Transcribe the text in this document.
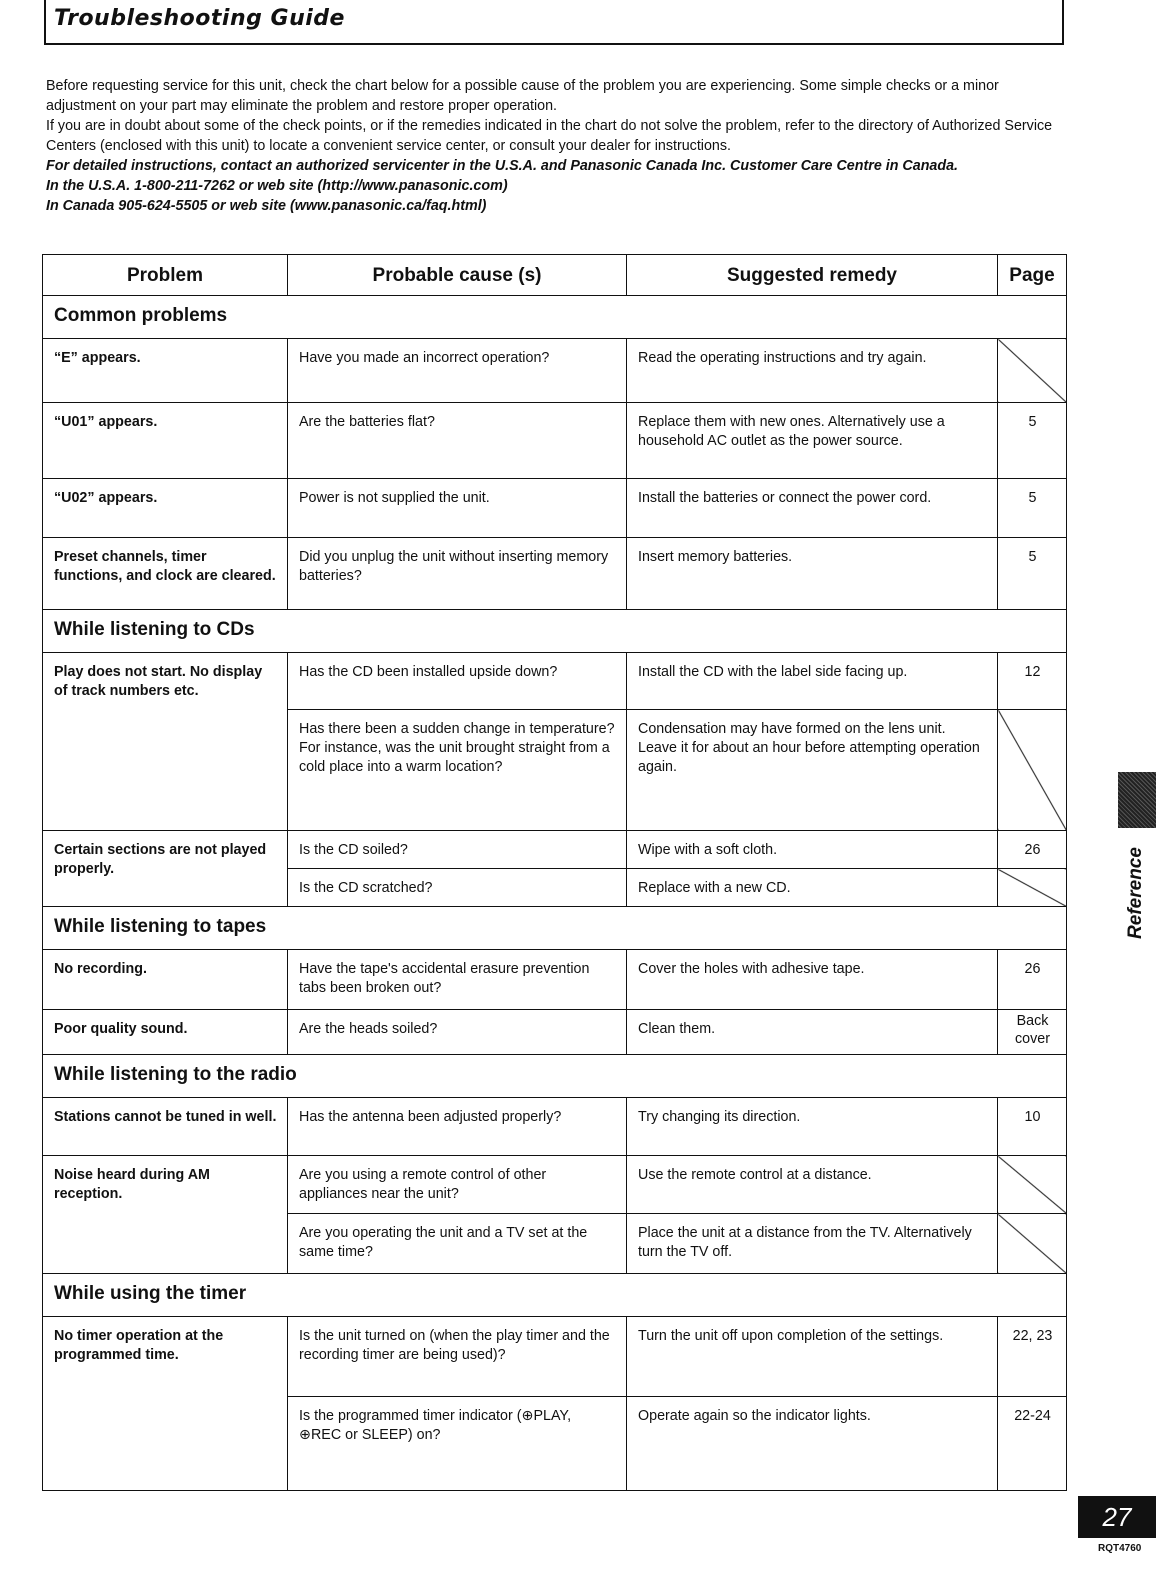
Troubleshooting Guide

Before requesting service for this unit, check the chart below for a possible cause of the problem you are experiencing. Some simple checks or a minor adjustment on your part may eliminate the problem and restore proper operation.

If you are in doubt about some of the check points, or if the remedies indicated in the chart do not solve the problem, refer to the directory of Authorized Service Centers (enclosed with this unit) to locate a convenient service center, or consult your dealer for instructions.

For detailed instructions, contact an authorized servicenter in the U.S.A. and Panasonic Canada Inc. Customer Care Centre in Canada.

In the U.S.A. 1-800-211-7262 or web site (http://www.panasonic.com)

In Canada 905-624-5505 or web site (www.panasonic.ca/faq.html)

Problem	Probable cause (s)	Suggested remedy	Page
Common problems			
“E” appears.	Have you made an incorrect operation?	Read the operating instructions and try again.	
“U01” appears.	Are the batteries flat?	Replace them with new ones. Alternatively use a household AC outlet as the power source.	5
“U02” appears.	Power is not supplied the unit.	Install the batteries or connect the power cord.	5
Preset channels, timer functions, and clock are cleared.	Did you unplug the unit without inserting memory batteries?	Insert memory batteries.	5
While listening to CDs			
Play does not start. No display of track numbers etc.	Has the CD been installed upside down?	Install the CD with the label side facing up.	12
	Has there been a sudden change in temperature? For instance, was the unit brought straight from a cold place into a warm location?	Condensation may have formed on the lens unit. Leave it for about an hour before attempting operation again.	
Certain sections are not played properly.	Is the CD soiled?	Wipe with a soft cloth.	26
	Is the CD scratched?	Replace with a new CD.	
While listening to tapes			
No recording.	Have the tape's accidental erasure prevention tabs been broken out?	Cover the holes with adhesive tape.	26
Poor quality sound.	Are the heads soiled?	Clean them.	Back cover
While listening to the radio			
Stations cannot be tuned in well.	Has the antenna been adjusted properly?	Try changing its direction.	10
Noise heard during AM reception.	Are you using a remote control of other appliances near the unit?	Use the remote control at a distance.	
	Are you operating the unit and a TV set at the same time?	Place the unit at a distance from the TV. Alternatively turn the TV off.	
While using the timer			
No timer operation at the programmed time.	Is the unit turned on (when the play timer and the recording timer are being used)?	Turn the unit off upon completion of the settings.	22, 23
	Is the programmed timer indicator (⊕PLAY, ⊕REC or SLEEP) on?	Operate again so the indicator lights.	22-24
Reference
27
RQT4760
